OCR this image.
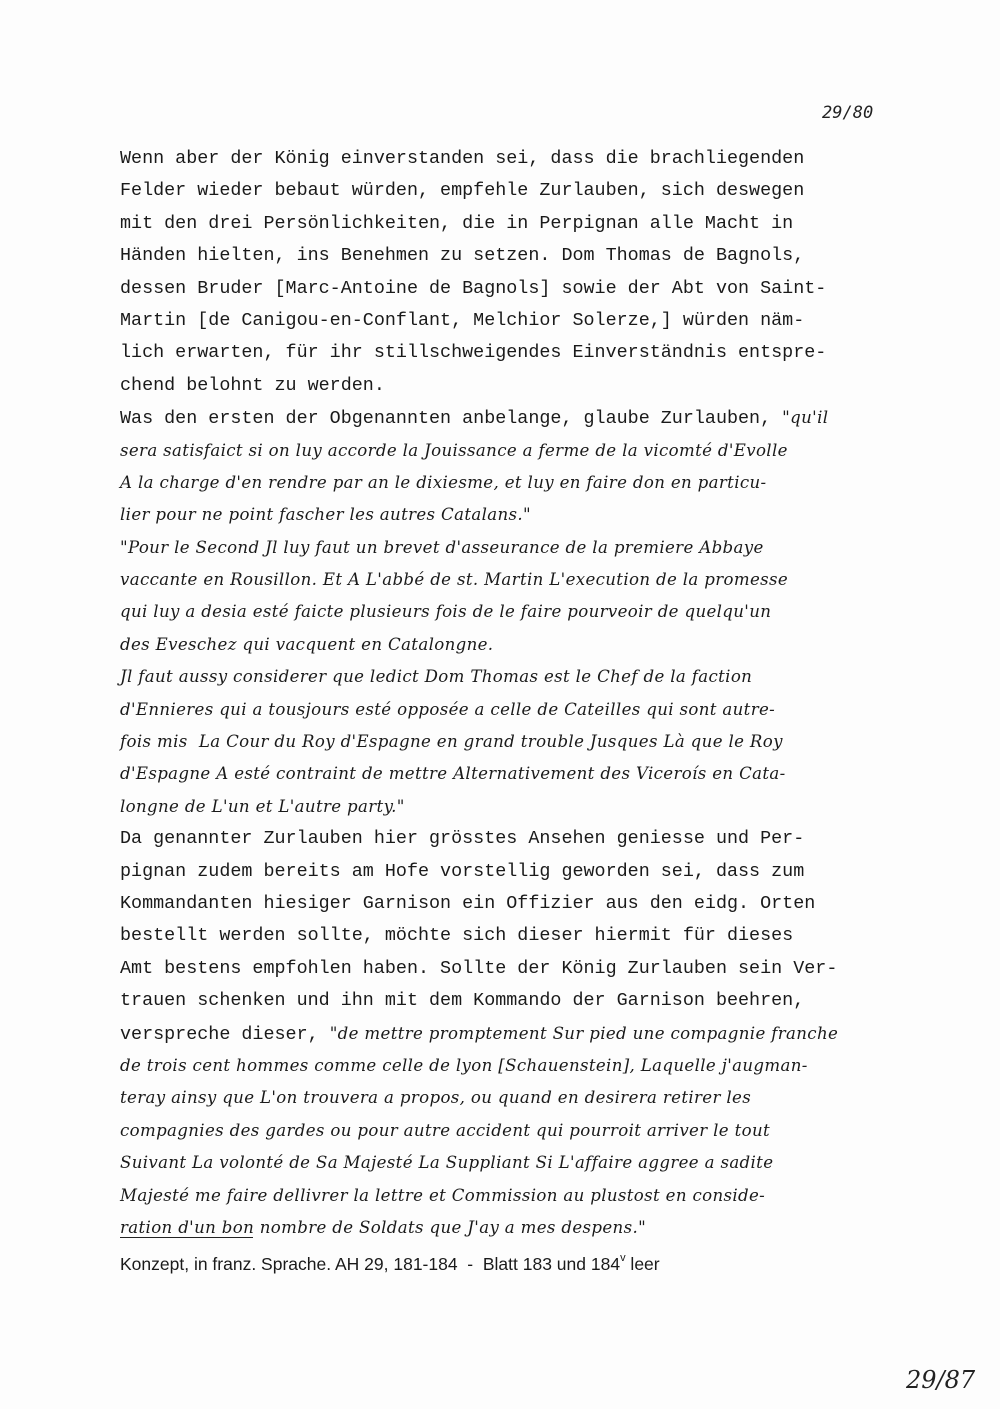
29/80
Wenn aber der König einverstanden sei, dass die brachliegenden
Felder wieder bebaut würden, empfehle Zurlauben, sich deswegen
mit den drei Persönlichkeiten, die in Perpignan alle Macht in
Händen hielten, ins Benehmen zu setzen. Dom Thomas de Bagnols,
dessen Bruder [Marc-Antoine de Bagnols] sowie der Abt von Saint-
Martin [de Canigou-en-Conflant, Melchior Solerze,] würden näm-
lich erwarten, für ihr stillschweigendes Einverständnis entspre-
chend belohnt zu werden.
Was den ersten der Obgenannten anbelange, glaube Zurlauben, "qu'il
sera satisfaict si on luy accorde la Jouissance a ferme de la vicomté d'Evolle
A la charge d'en rendre par an le dixiesme, et luy en faire don en particu-
lier pour ne point fascher les autres Catalans."
"Pour le Second Jl luy faut un brevet d'asseurance de la premiere Abbaye
vaccante en Rousillon. Et A L'abbé de st. Martin L'execution de la promesse
qui luy a desia esté faicte plusieurs fois de le faire pourveoir de quelqu'un
des Eveschez qui vacquent en Catalongne.
Jl faut aussy considerer que ledict Dom Thomas est le Chef de la faction
d'Ennieres qui a tousjours esté opposée a celle de Cateilles qui sont autre-
fois mis  La Cour du Roy d'Espagne en grand trouble Jusques Là que le Roy
d'Espagne A esté contraint de mettre Alternativement des Viceroís en Cata-
longne de L'un et L'autre party."
Da genannter Zurlauben hier grösstes Ansehen geniesse und Per-
pignan zudem bereits am Hofe vorstellig geworden sei, dass zum
Kommandanten hiesiger Garnison ein Offizier aus den eidg. Orten
bestellt werden sollte, möchte sich dieser hiermit für dieses
Amt bestens empfohlen haben. Sollte der König Zurlauben sein Ver-
trauen schenken und ihn mit dem Kommando der Garnison beehren,
verspreche dieser, "de mettre promptement Sur pied une compagnie franche
de trois cent hommes comme celle de lyon [Schauenstein], Laquelle j'augman-
teray ainsy que L'on trouvera a propos, ou quand en desirera retirer les
compagnies des gardes ou pour autre accident qui pourroit arriver le tout
Suivant La volonté de Sa Majesté La Suppliant Si L'affaire aggree a sadite
Majesté me faire dellivrer la lettre et Commission au plustost en conside-
ration d'un bon nombre de Soldats que J'ay a mes despens."
Konzept, in franz. Sprache. AH 29, 181-184  -  Blatt 183 und 184$^v$ leer
29/87
